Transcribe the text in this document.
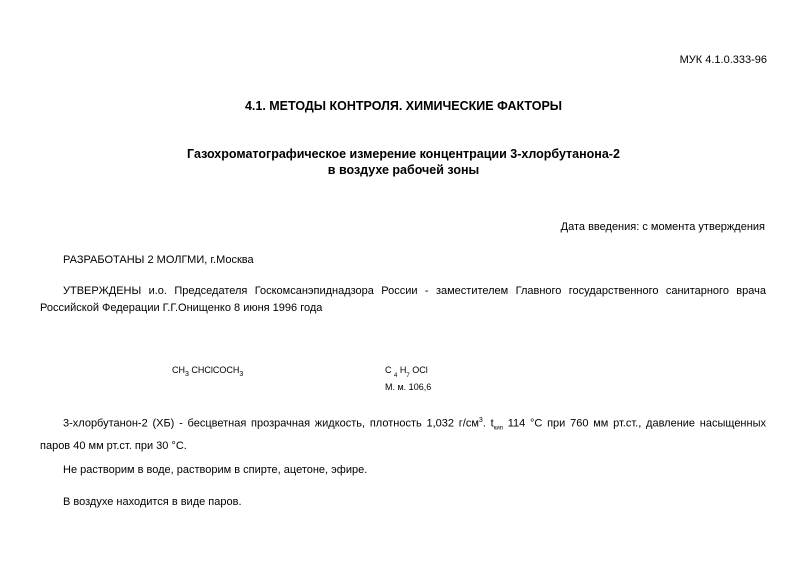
МУК 4.1.0.333-96
4.1. МЕТОДЫ КОНТРОЛЯ. ХИМИЧЕСКИЕ ФАКТОРЫ
Газохроматографическое измерение концентрации 3-хлорбутанона-2
в воздухе рабочей зоны
Дата введения: с момента утверждения
РАЗРАБОТАНЫ 2 МОЛГМИ, г.Москва
УТВЕРЖДЕНЫ и.о. Председателя Госкомсанэпиднадзора России - заместителем Главного государственного санитарного врача Российской Федерации Г.Г.Онищенко 8 июня 1996 года
$CH_3$ CHClCOCH$_3$	C $_4$ $H_7$ OCl
М. м. 106,6
3-хлорбутанон-2 (ХБ) - бесцветная прозрачная жидкость, плотность 1,032 $г/см^3$. $t_{кип}$ 114 °С при 760 мм рт.ст., давление насыщенных паров 40 мм рт.ст. при 30 °С.
Не растворим в воде, растворим в спирте, ацетоне, эфире.
В воздухе находится в виде паров.
